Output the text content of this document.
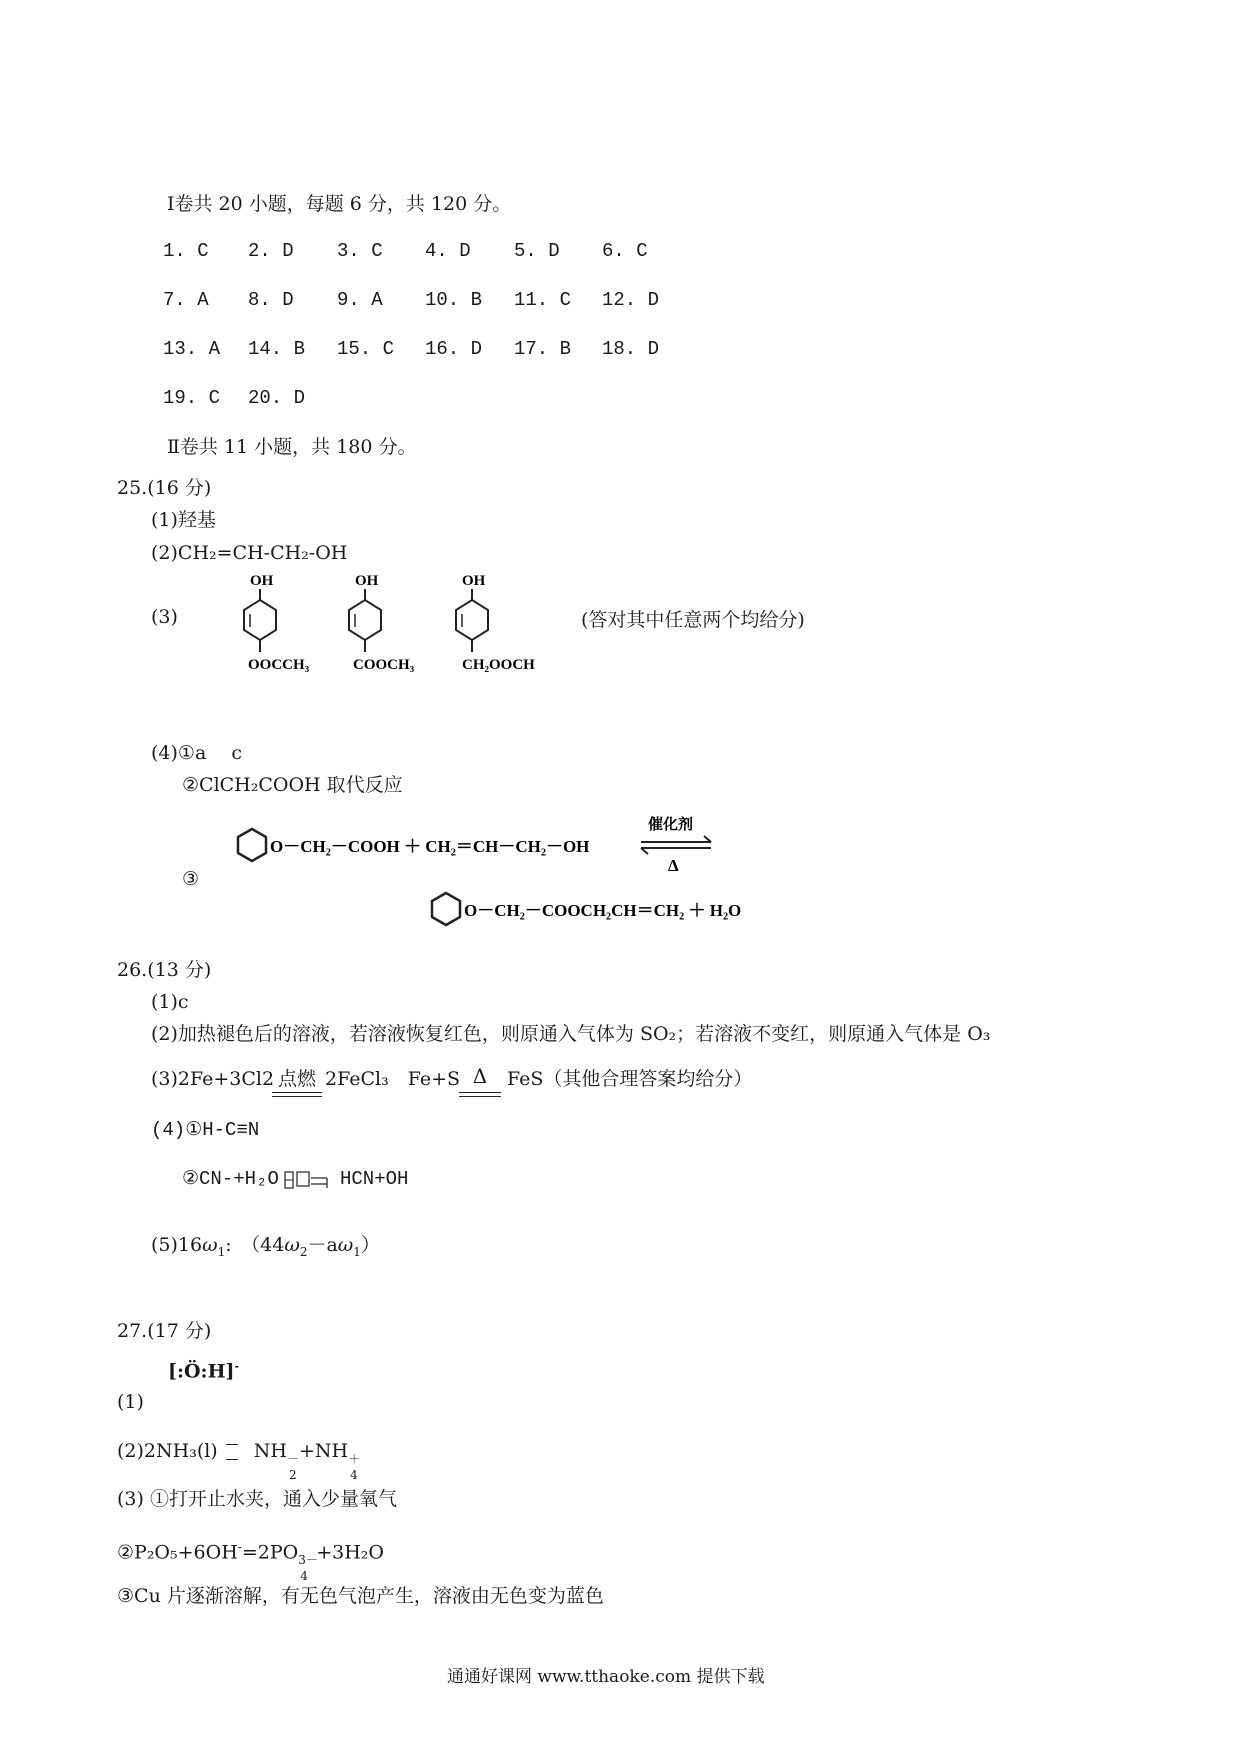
Ⅰ卷共 20 小题，每题 6 分，共 120 分。
1. C 2. D 3. C 4. D 5. D 6. C
7. A 8. D 9. A 10. B 11. C 12. D
13. A 14. B 15. C 16. D 17. B 18. D
19. C 20. D
Ⅱ卷共 11 小题，共 180 分。
25.(16 分)
(1)羟基
(2)CH₂=CH-CH₂-OH
(3)
OH
OOCCH₃
OH
COOCH₃
OH
CH₂OOCH
(答对其中任意两个均给分)
(4)①a　 c
②ClCH₂COOH 取代反应
③
O－CH₂－COOH ＋ CH₂＝CH－CH₂－OH
催化剂
Δ
O－CH₂－COOCH₂CH＝CH₂ ＋ H₂O
26.(13 分)
(1)c
(2)加热褪色后的溶液，若溶液恢复红色，则原通入气体为 SO₂；若溶液不变红，则原通入气体是 O₃
(3)2Fe+3Cl2 点燃 2FeCl₃　Fe+S Δ	FeS（其他合理答案均给分）
(4)①H-C≡N
②CN-+H₂O	HCN+OH
$(5)16\omega_1$:　$(44\omega_2-a\omega_1)$
27.(17 分)
(1)
[:Ö:H]-
(2)2NH₃(l) NH －
2
+NH ＋
4
(3) ①打开止水夹，通入少量氧气
②P₂O₅+6OH-=2PO 3－
4
+3H₂O
③Cu 片逐渐溶解，有无色气泡产生，溶液由无色变为蓝色
通通好课网 www.tthaoke.com 提供下载
